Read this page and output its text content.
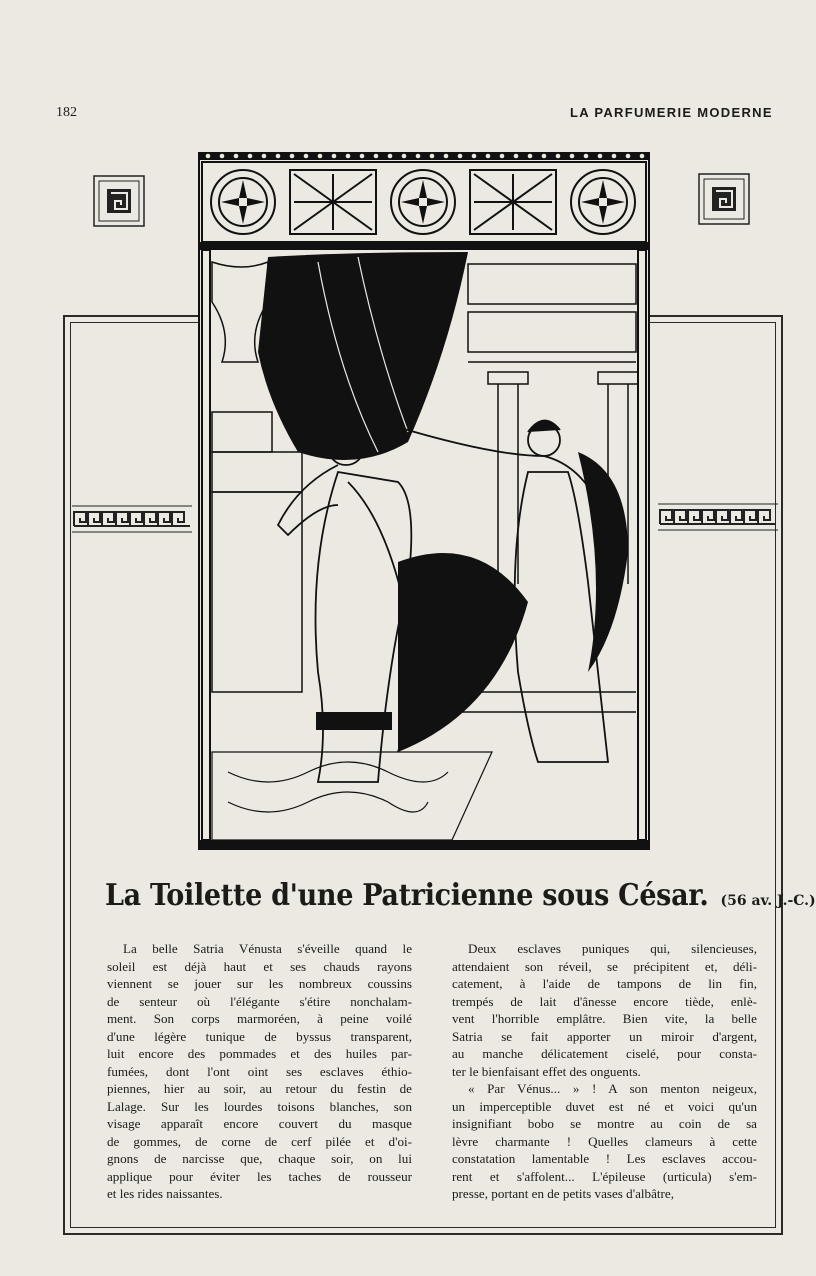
182	LA PARFUMERIE MODERNE
La Toilette d'une Patricienne sous César. (56 av. J.-C.)
La belle Satria Vénusta s'éveille quand le
soleil est déjà haut et ses chauds rayons
viennent se jouer sur les nombreux coussins
de senteur où l'élégante s'étire nonchalam-
ment. Son corps marmoréen, à peine voilé
d'une légère tunique de byssus transparent,
luit encore des pommades et des huiles par-
fumées, dont l'ont oint ses esclaves éthio-
piennes, hier au soir, au retour du festin de
Lalage. Sur les lourdes toisons blanches, son
visage apparaît encore couvert du masque
de gommes, de corne de cerf pilée et d'oi-
gnons de narcisse que, chaque soir, on lui
applique pour éviter les taches de rousseur
et les rides naissantes.
Deux esclaves puniques qui, silencieuses,
attendaient son réveil, se précipitent et, déli-
catement, à l'aide de tampons de lin fin,
trempés de lait d'ânesse encore tiède, enlè-
vent l'horrible emplâtre. Bien vite, la belle
Satria se fait apporter un miroir d'argent,
au manche délicatement ciselé, pour consta-
ter le bienfaisant effet des onguents.
« Par Vénus... » ! A son menton neigeux,
un imperceptible duvet est né et voici qu'un
insignifiant bobo se montre au coin de sa
lèvre charmante ! Quelles clameurs à cette
constatation lamentable ! Les esclaves accou-
rent et s'affolent... L'épileuse (urticula) s'em-
presse, portant en de petits vases d'albâtre,
